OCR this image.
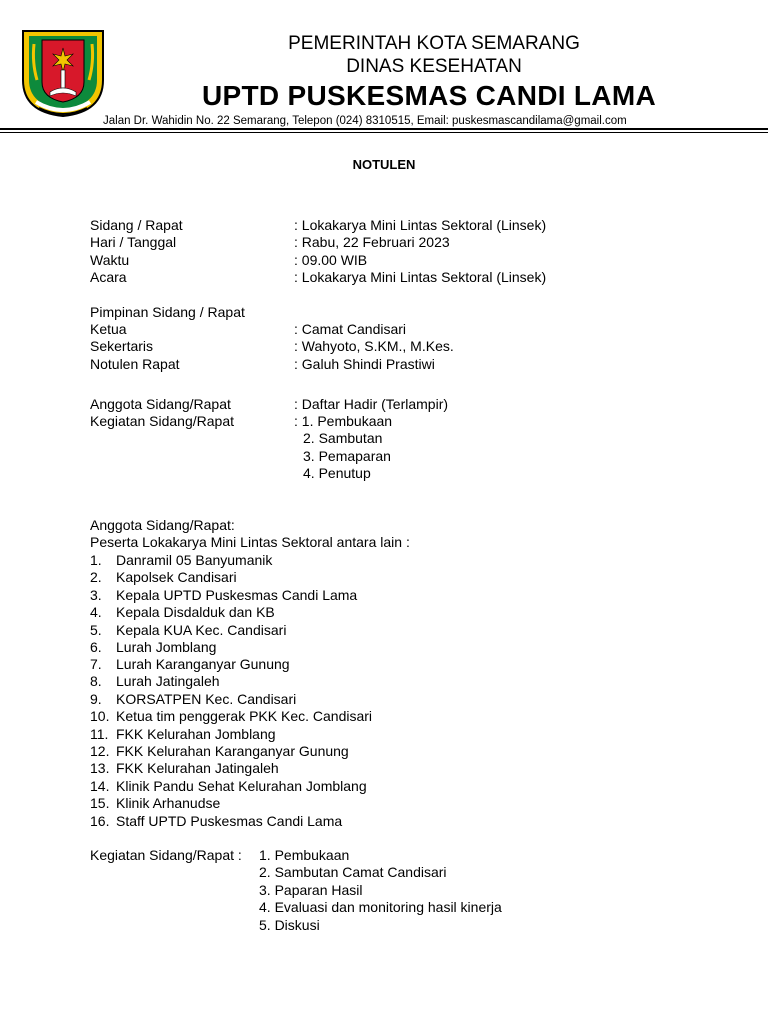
PEMERINTAH KOTA SEMARANG
DINAS KESEHATAN
UPTD PUSKESMAS CANDI LAMA
Jalan Dr. Wahidin No. 22 Semarang, Telepon (024) 8310515, Email: puskesmascandilama@gmail.com
NOTULEN
Sidang / Rapat	: Lokakarya Mini Lintas Sektoral (Linsek)
Hari / Tanggal	: Rabu, 22 Februari 2023
Waktu	: 09.00 WIB
Acara	: Lokakarya Mini Lintas Sektoral (Linsek)
Pimpinan Sidang / Rapat
Ketua	: Camat Candisari
Sekertaris	: Wahyoto, S.KM., M.Kes.
Notulen Rapat	: Galuh Shindi Prastiwi
Anggota Sidang/Rapat	: Daftar Hadir (Terlampir)
Kegiatan Sidang/Rapat	: 1. Pembukaan
2. Sambutan
3. Pemaparan
4. Penutup
Anggota Sidang/Rapat:
Peserta Lokakarya Mini Lintas Sektoral antara lain :
1. Danramil 05 Banyumanik
2. Kapolsek Candisari
3. Kepala UPTD Puskesmas Candi Lama
4. Kepala Disdalduk dan KB
5. Kepala KUA Kec. Candisari
6. Lurah Jomblang
7. Lurah Karanganyar Gunung
8. Lurah Jatingaleh
9. KORSATPEN Kec. Candisari
10. Ketua tim penggerak PKK Kec. Candisari
11. FKK Kelurahan Jomblang
12. FKK Kelurahan Karanganyar Gunung
13. FKK Kelurahan Jatingaleh
14. Klinik Pandu Sehat Kelurahan Jomblang
15. Klinik Arhanudse
16. Staff UPTD Puskesmas Candi Lama
Kegiatan Sidang/Rapat : 1. Pembukaan
2. Sambutan Camat Candisari
3. Paparan Hasil
4. Evaluasi dan monitoring hasil kinerja
5. Diskusi
